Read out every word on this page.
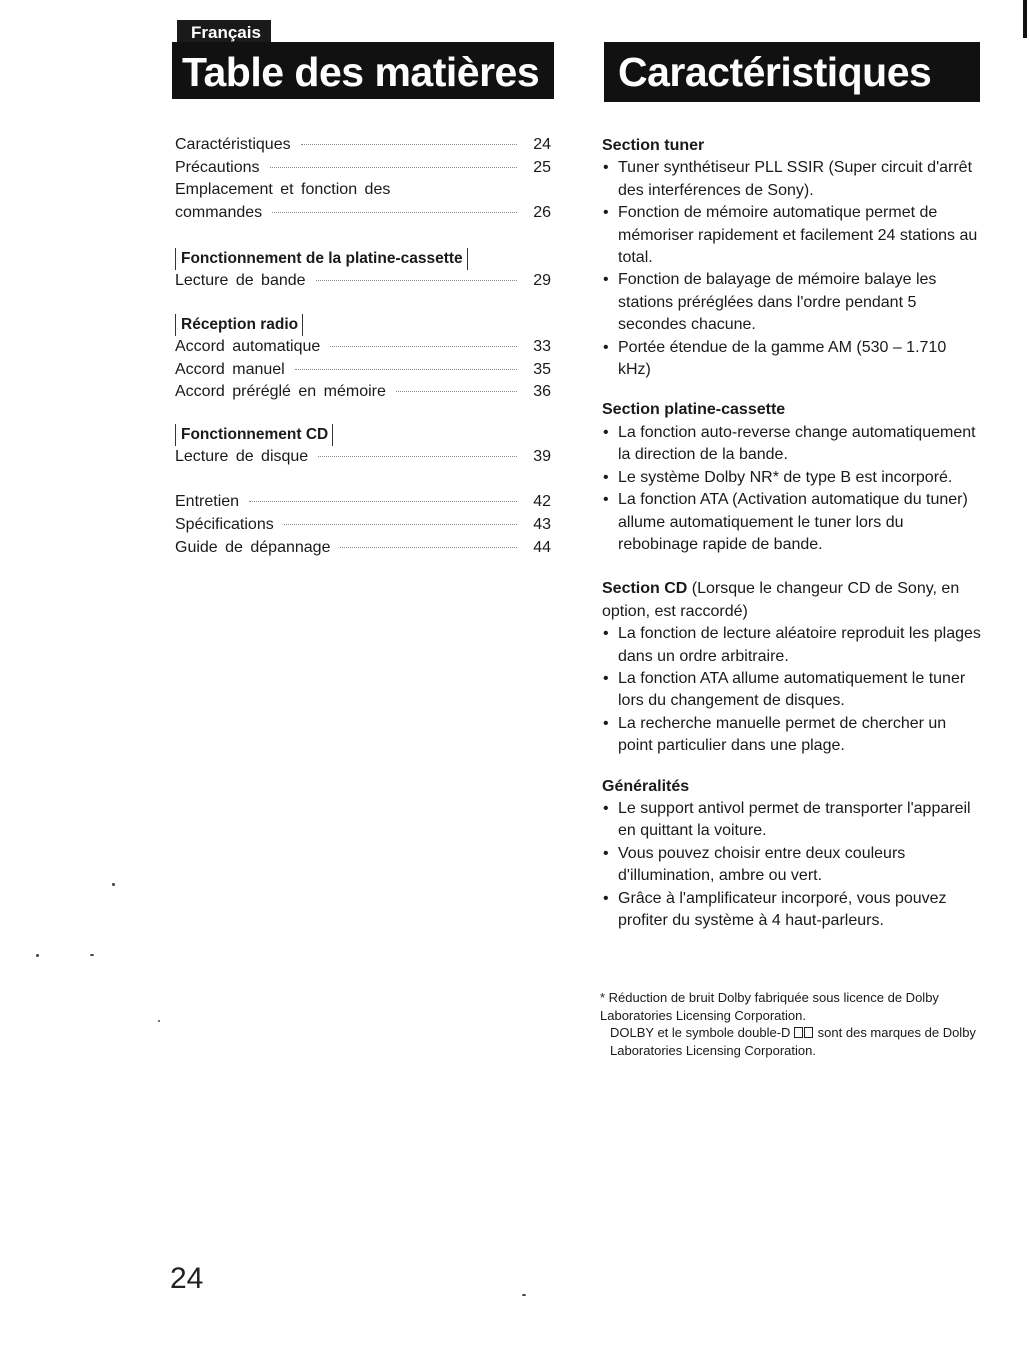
Français
Table des matières	Caractéristiques
Caractéristiques	24
Précautions	25
Emplacement et fonction des
commandes	26
Fonctionnement de la platine-cassette
Lecture de bande	29
Réception radio
Accord automatique	33
Accord manuel	35
Accord préréglé en mémoire	36
Fonctionnement CD
Lecture de disque	39
Entretien	42
Spécifications	43
Guide de dépannage	44
Section tuner
• Tuner synthétiseur PLL SSIR (Super circuit d'arrêt des interférences de Sony).
• Fonction de mémoire automatique permet de mémoriser rapidement et facilement 24 stations au total.
• Fonction de balayage de mémoire balaye les stations préréglées dans l'ordre pendant 5 secondes chacune.
• Portée étendue de la gamme AM (530 – 1.710 kHz)
Section platine-cassette
• La fonction auto-reverse change automatiquement la direction de la bande.
• Le système Dolby NR* de type B est incorporé.
• La fonction ATA (Activation automatique du tuner) allume automatiquement le tuner lors du rebobinage rapide de bande.
Section CD (Lorsque le changeur CD de Sony, en option, est raccordé)
• La fonction de lecture aléatoire reproduit les plages dans un ordre arbitraire.
• La fonction ATA allume automatiquement le tuner lors du changement de disques.
• La recherche manuelle permet de chercher un point particulier dans une plage.
Généralités
• Le support antivol permet de transporter l'appareil en quittant la voiture.
• Vous pouvez choisir entre deux couleurs d'illumination, ambre ou vert.
• Grâce à l'amplificateur incorporé, vous pouvez profiter du système à 4 haut-parleurs.
* Réduction de bruit Dolby fabriquée sous licence de Dolby Laboratories Licensing Corporation.
DOLBY et le symbole double-D sont des marques de Dolby Laboratories Licensing Corporation.
24
